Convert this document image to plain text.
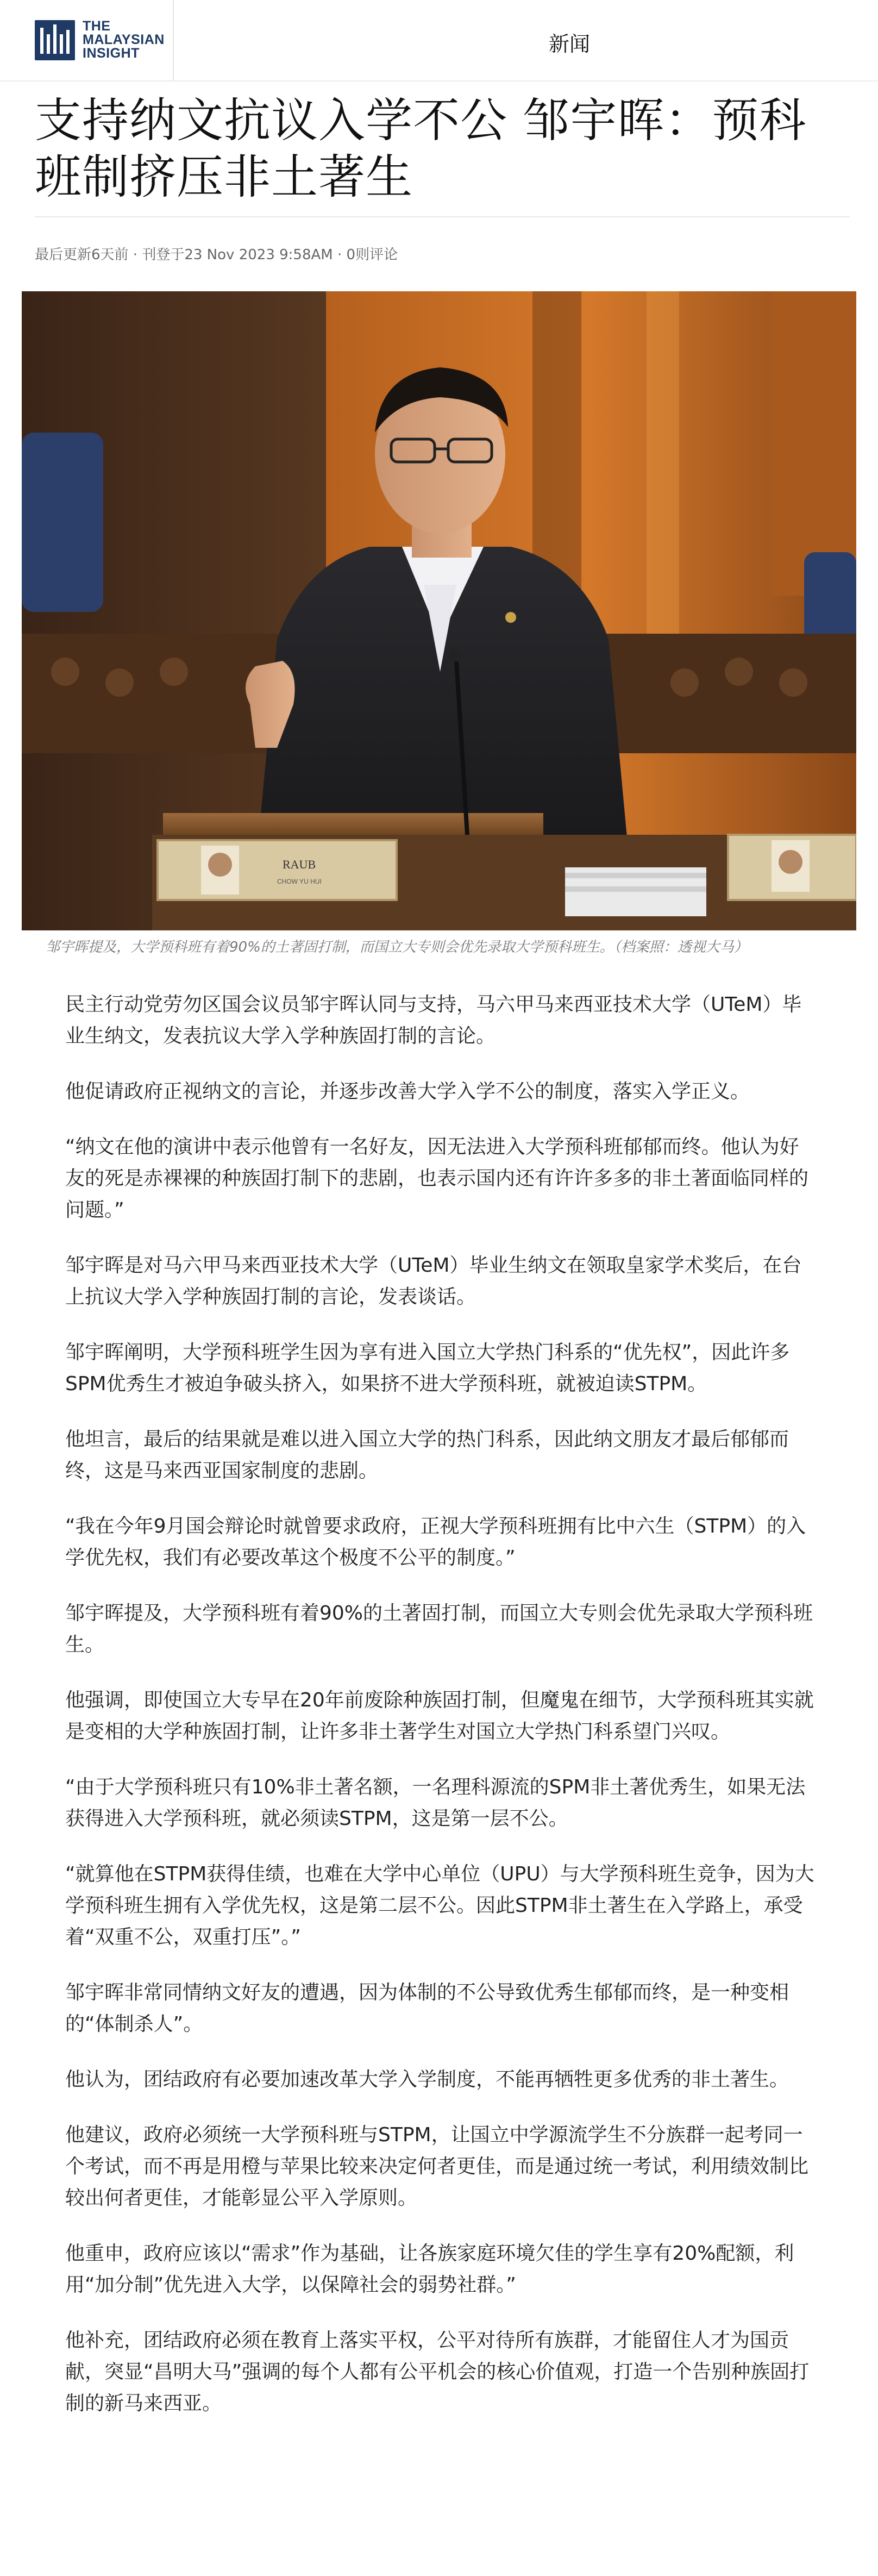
THE
MALAYSIAN
INSIGHT	新闻
支持纳文抗议入学不公 邹宇晖：预科班制挤压非土著生
最后更新6天前 · 刊登于23 Nov 2023 9:58AM · 0则评论
RAUB
CHOW YU HUI
邹宇晖提及，大学预科班有着90%的土著固打制，而国立大专则会优先录取大学预科班生。（档案照：透视大马）

民主行动党劳勿区国会议员邹宇晖认同与支持，马六甲马来西亚技术大学（UTeM）毕业生纳文，发表抗议大学入学种族固打制的言论。

他促请政府正视纳文的言论，并逐步改善大学入学不公的制度，落实入学正义。

“纳文在他的演讲中表示他曾有一名好友，因无法进入大学预科班郁郁而终。他认为好友的死是赤裸裸的种族固打制下的悲剧，也表示国内还有许许多多的非土著面临同样的问题。”

邹宇晖是对马六甲马来西亚技术大学（UTeM）毕业生纳文在领取皇家学术奖后，在台上抗议大学入学种族固打制的言论，发表谈话。

邹宇晖阐明，大学预科班学生因为享有进入国立大学热门科系的“优先权”，因此许多SPM优秀生才被迫争破头挤入，如果挤不进大学预科班，就被迫读STPM。

他坦言，最后的结果就是难以进入国立大学的热门科系，因此纳文朋友才最后郁郁而终，这是马来西亚国家制度的悲剧。

“我在今年9月国会辩论时就曾要求政府，正视大学预科班拥有比中六生（STPM）的入学优先权，我们有必要改革这个极度不公平的制度。”

邹宇晖提及，大学预科班有着90%的土著固打制，而国立大专则会优先录取大学预科班生。

他强调，即使国立大专早在20年前废除种族固打制，但魔鬼在细节，大学预科班其实就是变相的大学种族固打制，让许多非土著学生对国立大学热门科系望门兴叹。

“由于大学预科班只有10%非土著名额，一名理科源流的SPM非土著优秀生，如果无法获得进入大学预科班，就必须读STPM，这是第一层不公。

“就算他在STPM获得佳绩，也难在大学中心单位（UPU）与大学预科班生竞争，因为大学预科班生拥有入学优先权，这是第二层不公。因此STPM非土著生在入学路上，承受着“双重不公，双重打压”。”

邹宇晖非常同情纳文好友的遭遇，因为体制的不公导致优秀生郁郁而终，是一种变相的“体制杀人”。

他认为，团结政府有必要加速改革大学入学制度，不能再牺牲更多优秀的非土著生。

他建议，政府必须统一大学预科班与STPM，让国立中学源流学生不分族群一起考同一个考试，而不再是用橙与苹果比较来决定何者更佳，而是通过统一考试，利用绩效制比较出何者更佳，才能彰显公平入学原则。

他重申，政府应该以“需求”作为基础，让各族家庭环境欠佳的学生享有20%配额，利用“加分制”优先进入大学，以保障社会的弱势社群。”

他补充，团结政府必须在教育上落实平权，公平对待所有族群，才能留住人才为国贡献，突显“昌明大马”强调的每个人都有公平机会的核心价值观，打造一个告别种族固打制的新马来西亚。
